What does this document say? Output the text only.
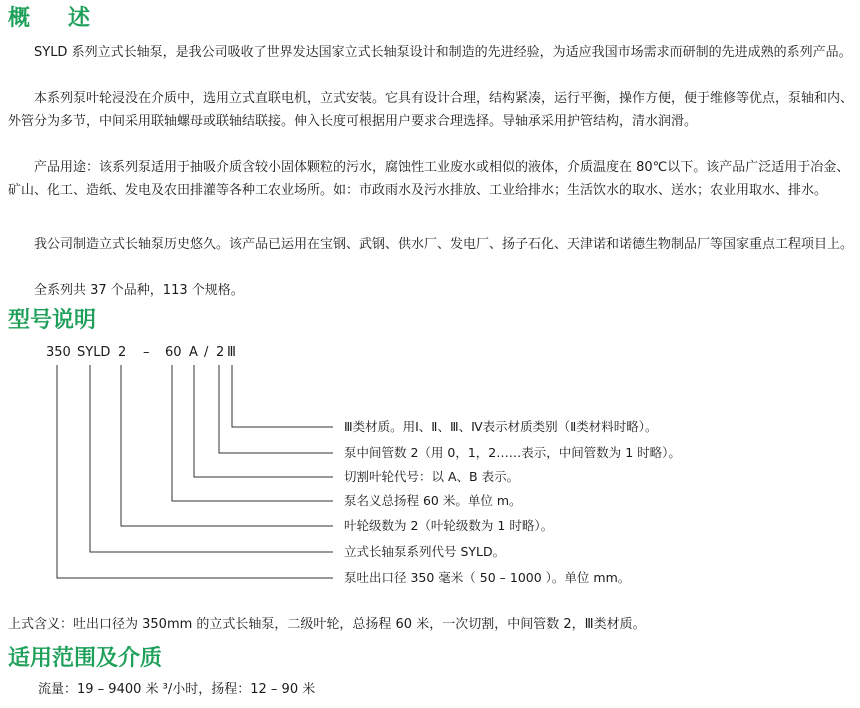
概　述

SYLD 系列立式长轴泵，是我公司吸收了世界发达国家立式长轴泵设计和制造的先进经验，为适应我国市场需求而研制的先进成熟的系列产品。

本系列泵叶轮浸没在介质中，选用立式直联电机，立式安装。它具有设计合理，结构紧凑，运行平衡，操作方便，便于维修等优点，泵轴和内、外管分为多节，中间采用联轴螺母或联轴结联接。伸入长度可根据用户要求合理选择。导轴承采用护管结构，清水润滑。

产品用途：该系列泵适用于抽吸介质含较小固体颗粒的污水，腐蚀性工业废水或相似的液体，介质温度在 80℃以下。该产品广泛适用于冶金、矿山、化工、造纸、发电及农田排灌等各种工农业场所。如：市政雨水及污水排放、工业给排水；生活饮水的取水、送水；农业用取水、排水。

我公司制造立式长轴泵历史悠久。该产品已运用在宝钢、武钢、供水厂、发电厂、扬子石化、天津诺和诺德生物制品厂等国家重点工程项目上。

全系列共 37 个品种，113 个规格。

型号说明

350

SYLD

2

–

60

A

/

2

Ⅲ

Ⅲ类材质。用Ⅰ、Ⅱ、Ⅲ、Ⅳ表示材质类别（Ⅱ类材料时略）。
泵中间管数 2（用 0，1，2……表示，中间管数为 1 时略）。
切割叶轮代号：以 A、B 表示。
泵名义总扬程 60 米。单位 m。
叶轮级数为 2（叶轮级数为 1 时略）。
立式长轴泵系列代号 SYLD。
泵吐出口径 350 毫米（ 50 – 1000 ）。单位 mm。
上式含义：吐出口径为 350mm 的立式长轴泵，二级叶轮，总扬程 60 米，一次切割，中间管数 2，Ⅲ类材质。
适用范围及介质
流量：19 – 9400 米 ³/小时，扬程：12 – 90 米
